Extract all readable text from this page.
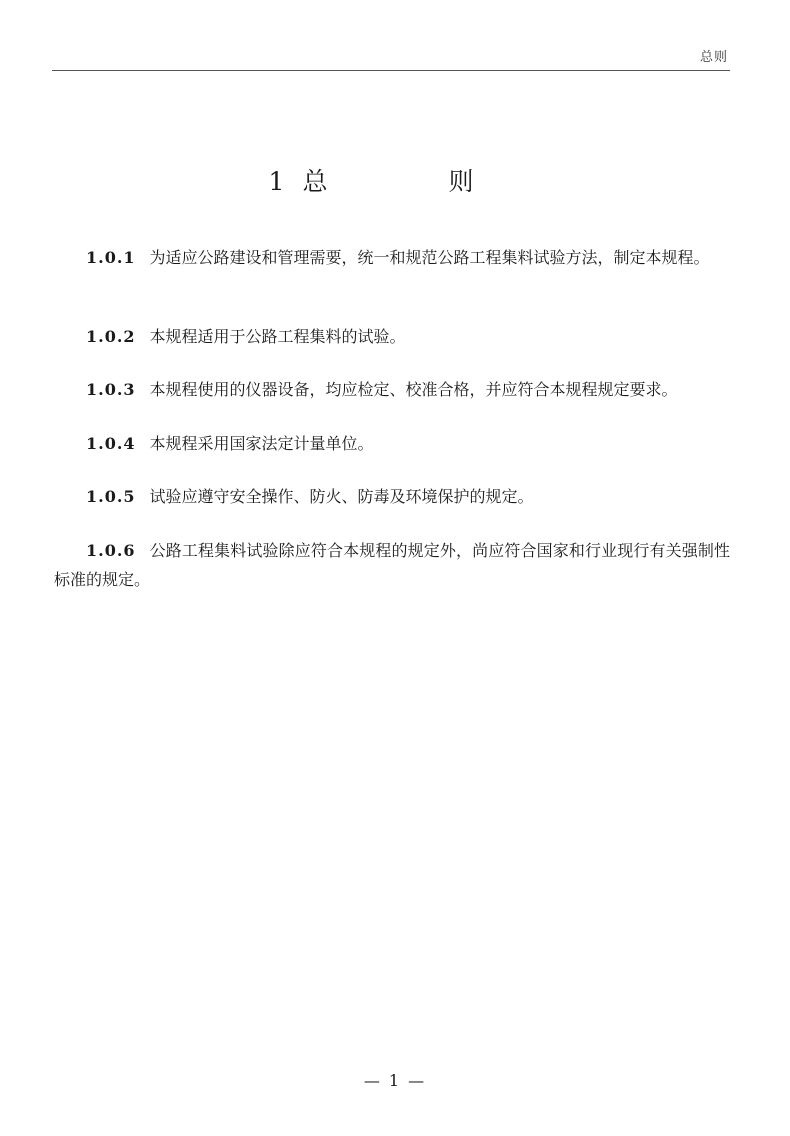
总则
1 总　则
1.0.1 为适应公路建设和管理需要，统一和规范公路工程集料试验方法，制定本规程。
1.0.2 本规程适用于公路工程集料的试验。
1.0.3 本规程使用的仪器设备，均应检定、校准合格，并应符合本规程规定要求。
1.0.4 本规程采用国家法定计量单位。
1.0.5 试验应遵守安全操作、防火、防毒及环境保护的规定。
1.0.6 公路工程集料试验除应符合本规程的规定外，尚应符合国家和行业现行有关强制性标准的规定。
— 1 —
